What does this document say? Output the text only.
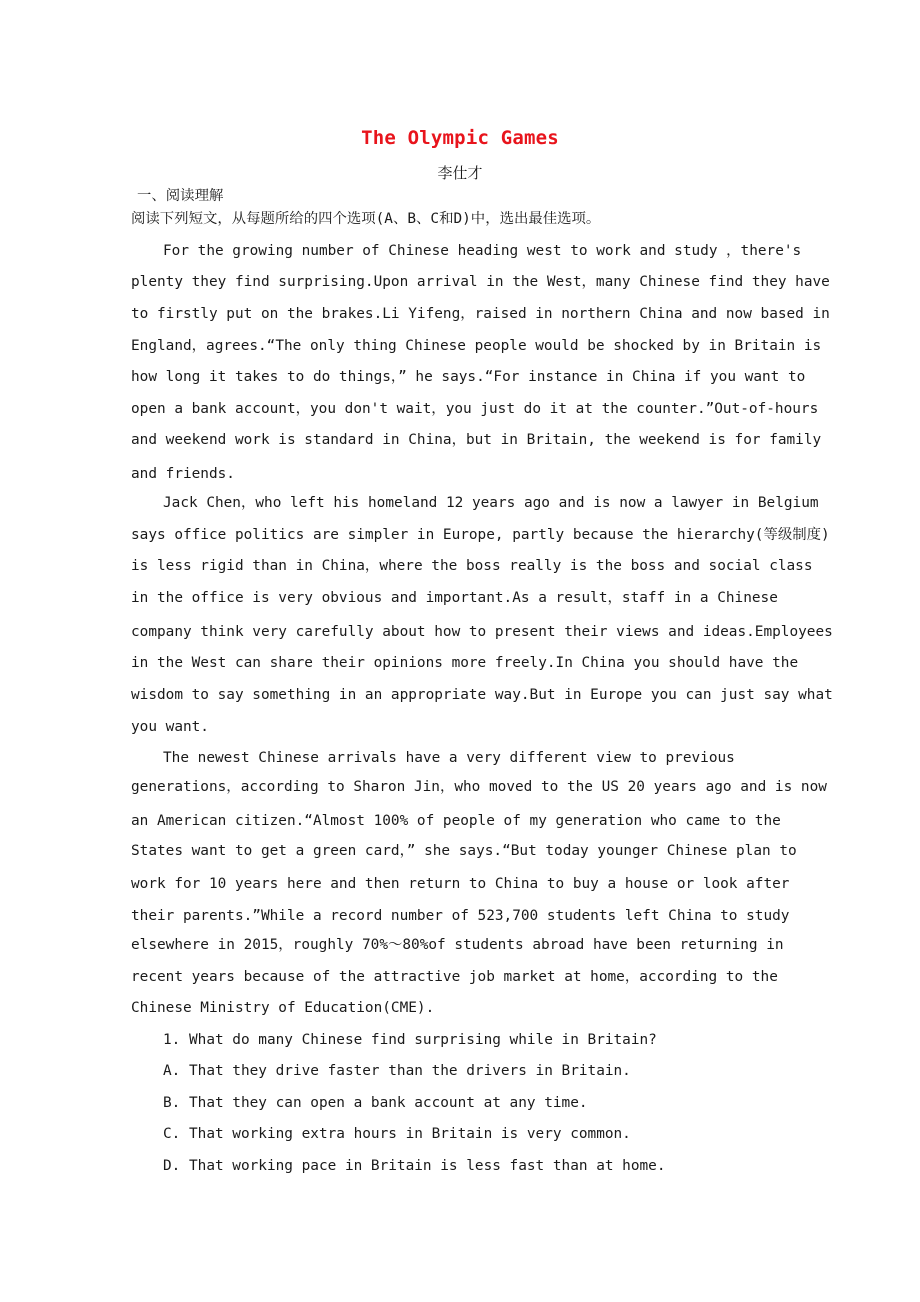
The Olympic Games
李仕才
一、阅读理解
阅读下列短文，从每题所给的四个选项(A、B、C和D)中，选出最佳选项。
For the growing number of Chinese heading west to work and study ，there's
plenty they find surprising.Upon arrival in the West，many Chinese find they have
to firstly put on the brakes.Li Yifeng，raised in northern China and now based in
England，agrees.“The only thing Chinese people would be shocked by in Britain is
how long it takes to do things，” he says.“For instance in China if you want to
open a bank account，you don't wait，you just do it at the counter.”Out-of-hours
and weekend work is standard in China，but in Britain, the weekend is for family
and friends.
Jack Chen，who left his homeland 12 years ago and is now a lawyer in Belgium
says office politics are simpler in Europe, partly because the hierarchy(等级制度)
is less rigid than in China，where the boss really is the boss and social class
in the office is very obvious and important.As a result，staff in a Chinese
company think very carefully about how to present their views and ideas.Employees
in the West can share their opinions more freely.In China you should have the
wisdom to say something in an appropriate way.But in Europe you can just say what
you want.
The newest Chinese arrivals have a very different view to previous
generations，according to Sharon Jin，who moved to the US 20 years ago and is now
an American citizen.“Almost 100% of people of my generation who came to the
States want to get a green card，” she says.“But today younger Chinese plan to
work for 10 years here and then return to China to buy a house or look after
their parents.”While a record number of 523,700 students left China to study
elsewhere in 2015，roughly 70%～80%of students abroad have been returning in
recent years because of the attractive job market at home，according to the
Chinese Ministry of Education(CME).
1. What do many Chinese find surprising while in Britain?
A. That they drive faster than the drivers in Britain.
B. That they can open a bank account at any time.
C. That working extra hours in Britain is very common.
D. That working pace in Britain is less fast than at home.
